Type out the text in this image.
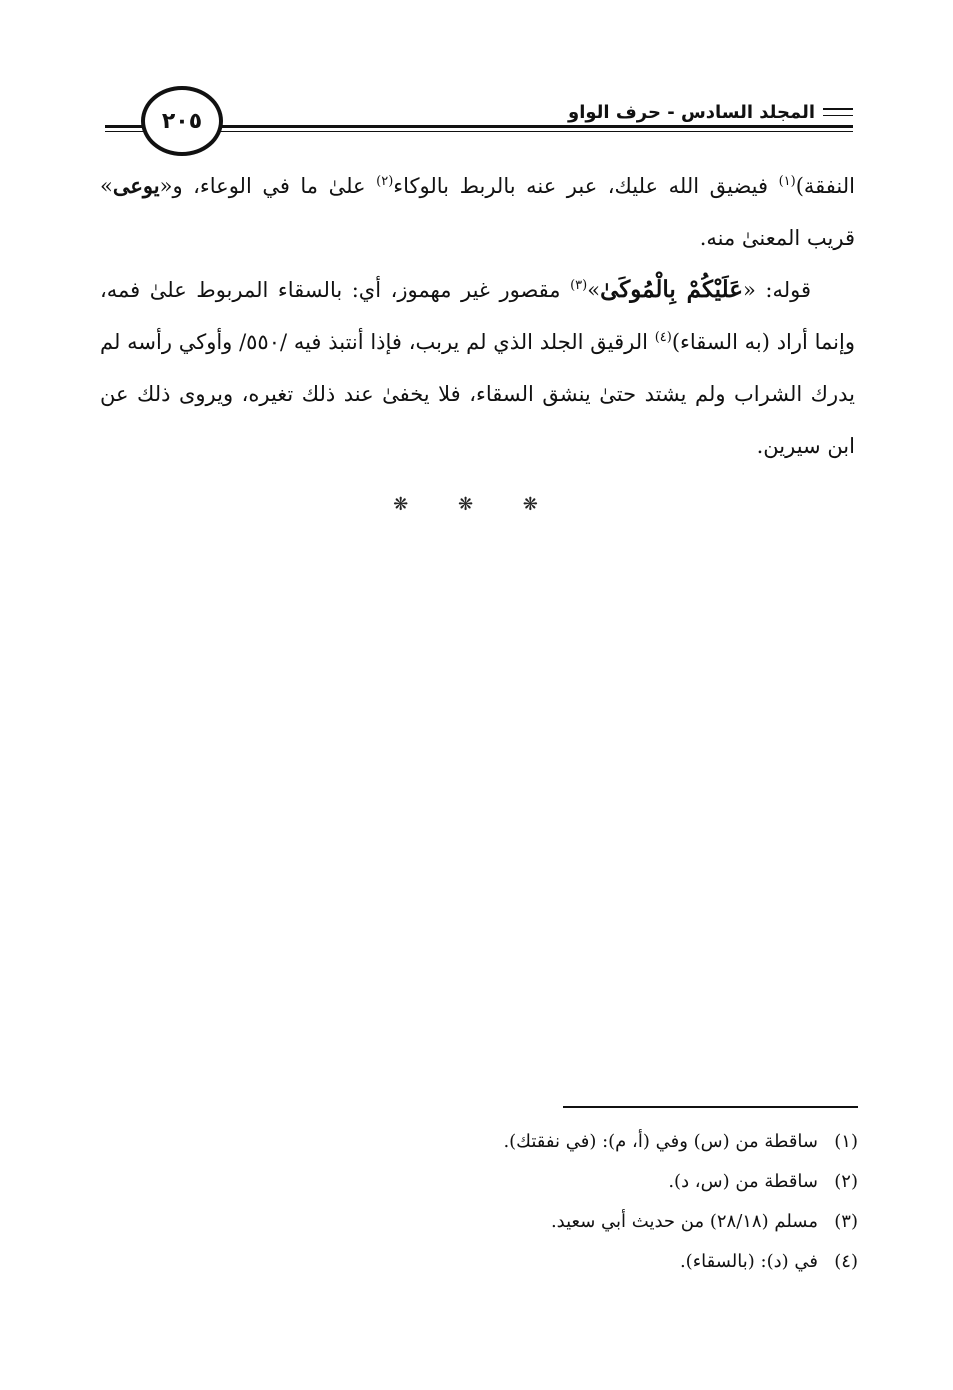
المجلد السادس - حرف الواو
٢٠٥

النفقة)$^{(١)}$ فيضيق الله عليك، عبر عنه بالربط بالوكاء$^{(٢)}$ علىٰ ما في الوعاء، و«يوعى» قريب المعنىٰ منه.

قوله: «عَلَيْكُمْ بِالْمُوكَىٰ»$^{(٣)}$ مقصور غير مهموز، أي: بالسقاء المربوط علىٰ فمه، وإنما أراد (به السقاء)$^{(٤)}$ الرقيق الجلد الذي لم يربب، فإذا أنتبذ فيه /٥٥٠/ وأوكي رأسه لم يدرك الشراب ولم يشتد حتىٰ ينشق السقاء، فلا يخفىٰ عند ذلك تغيره، ويروى ذلك عن ابن سيرين.

❋ ❋ ❋
(١)ساقطة من (س) وفي (أ، م): (في نفقتك).
(٢)ساقطة من (س، د).
(٣)مسلم (٢٨/١٨) من حديث أبي سعيد.
(٤)في (د): (بالسقاء).
